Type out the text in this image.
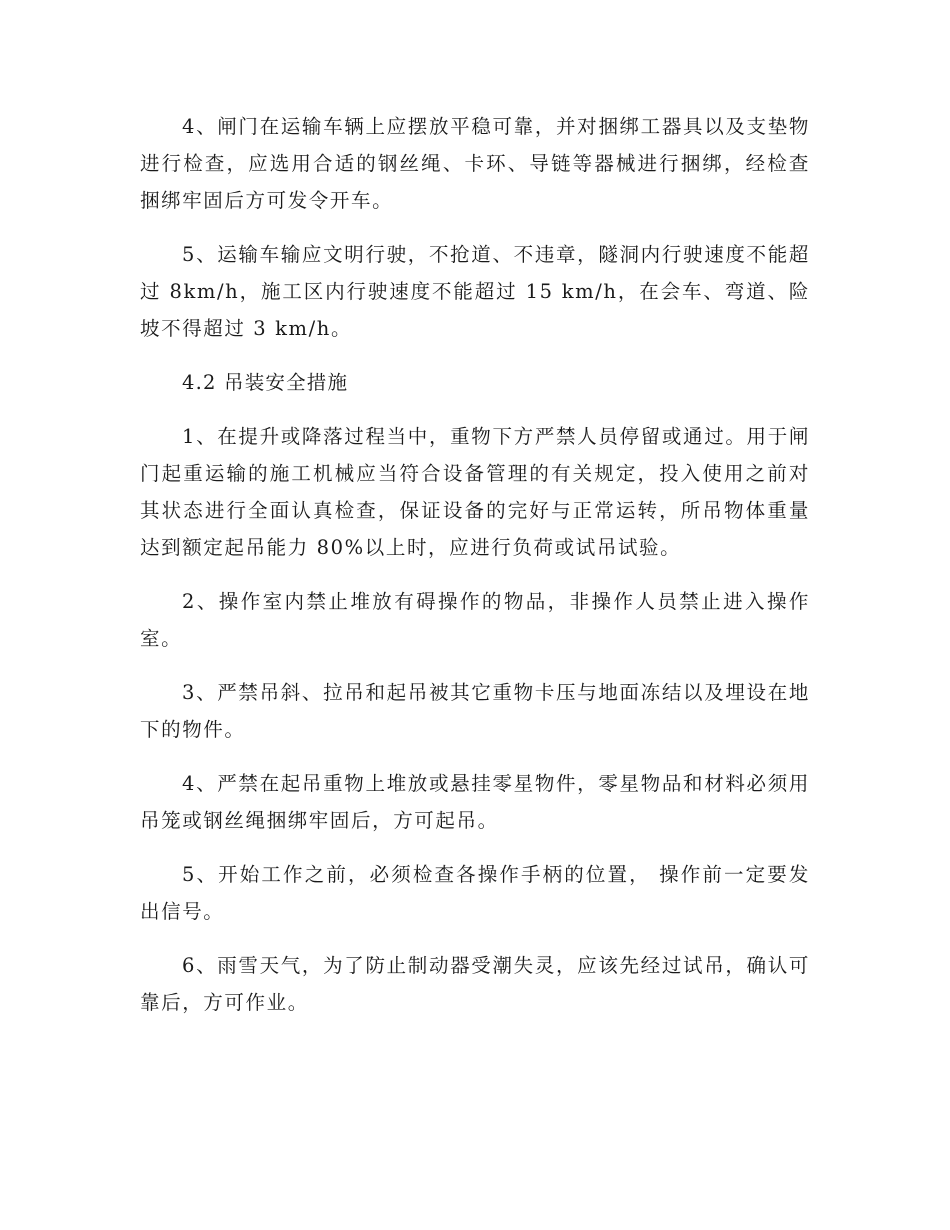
4、闸门在运输车辆上应摆放平稳可靠，并对捆绑工器具以及支垫物进行检查，应选用合适的钢丝绳、卡环、导链等器械进行捆绑，经检查捆绑牢固后方可发令开车。

5、运输车输应文明行驶，不抢道、不违章，隧洞内行驶速度不能超过 8km/h，施工区内行驶速度不能超过 15 km/h，在会车、弯道、险坡不得超过 3 km/h。

4.2 吊装安全措施

1、在提升或降落过程当中，重物下方严禁人员停留或通过。用于闸门起重运输的施工机械应当符合设备管理的有关规定，投入使用之前对其状态进行全面认真检查，保证设备的完好与正常运转，所吊物体重量达到额定起吊能力 80%以上时，应进行负荷或试吊试验。

2、操作室内禁止堆放有碍操作的物品，非操作人员禁止进入操作室。

3、严禁吊斜、拉吊和起吊被其它重物卡压与地面冻结以及埋设在地下的物件。

4、严禁在起吊重物上堆放或悬挂零星物件，零星物品和材料必须用吊笼或钢丝绳捆绑牢固后，方可起吊。

5、开始工作之前，必须检查各操作手柄的位置， 操作前一定要发出信号。

6、雨雪天气，为了防止制动器受潮失灵，应该先经过试吊，确认可靠后，方可作业。
